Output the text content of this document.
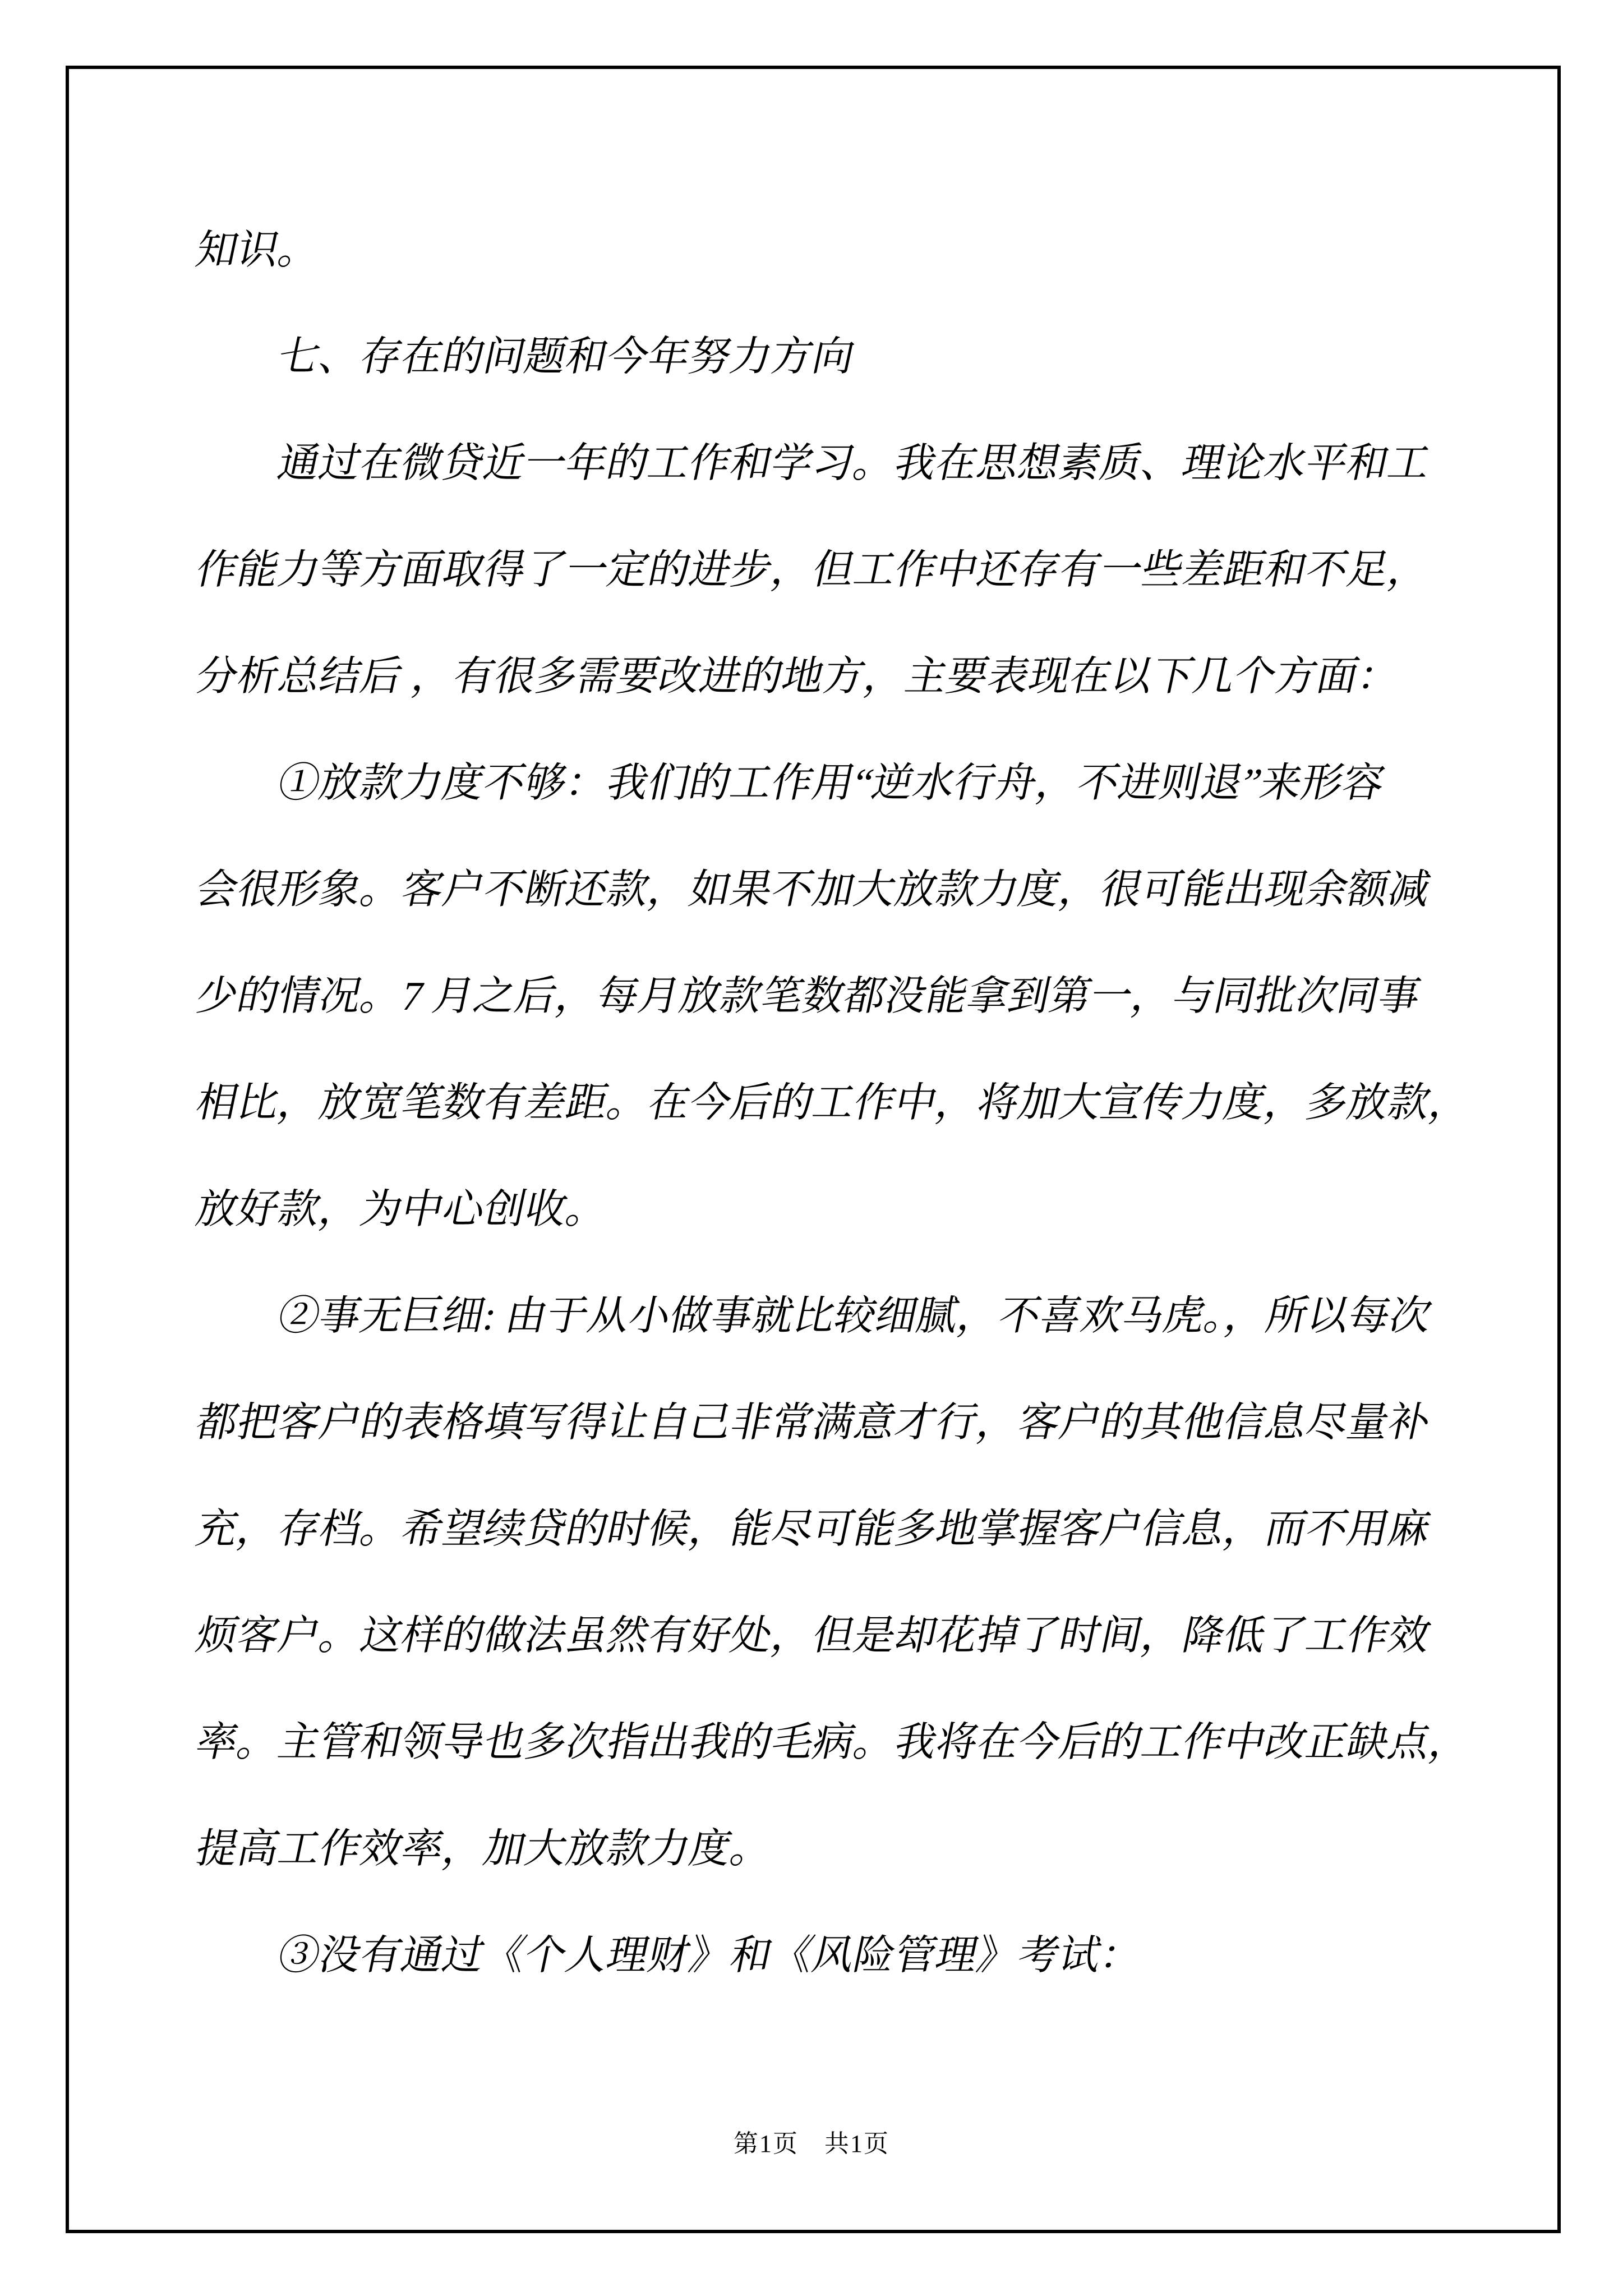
知识。
七、存在的问题和今年努力方向
通过在微贷近一年的工作和学习。我在思想素质、理论水平和工
作能力等方面取得了一定的进步，但工作中还存有一些差距和不足，
分析总结后 ，有很多需要改进的地方，主要表现在以下几个方面：
①放款力度不够：我们的工作用“逆水行舟，不进则退”来形容
会很形象。客户不断还款，如果不加大放款力度，很可能出现余额减
少的情况。7 月之后，每月放款笔数都没能拿到第一，与同批次同事
相比，放宽笔数有差距。在今后的工作中，将加大宣传力度，多放款，
放好款，为中心创收。
②事无巨细: 由于从小做事就比较细腻，不喜欢马虎。，所以每次
都把客户的表格填写得让自己非常满意才行，客户的其他信息尽量补
充，存档。希望续贷的时候，能尽可能多地掌握客户信息，而不用麻
烦客户。这样的做法虽然有好处，但是却花掉了时间，降低了工作效
率。主管和领导也多次指出我的毛病。我将在今后的工作中改正缺点，
提高工作效率，加大放款力度。
③没有通过《个人理财》和《风险管理》考试：
第1页　共1页
